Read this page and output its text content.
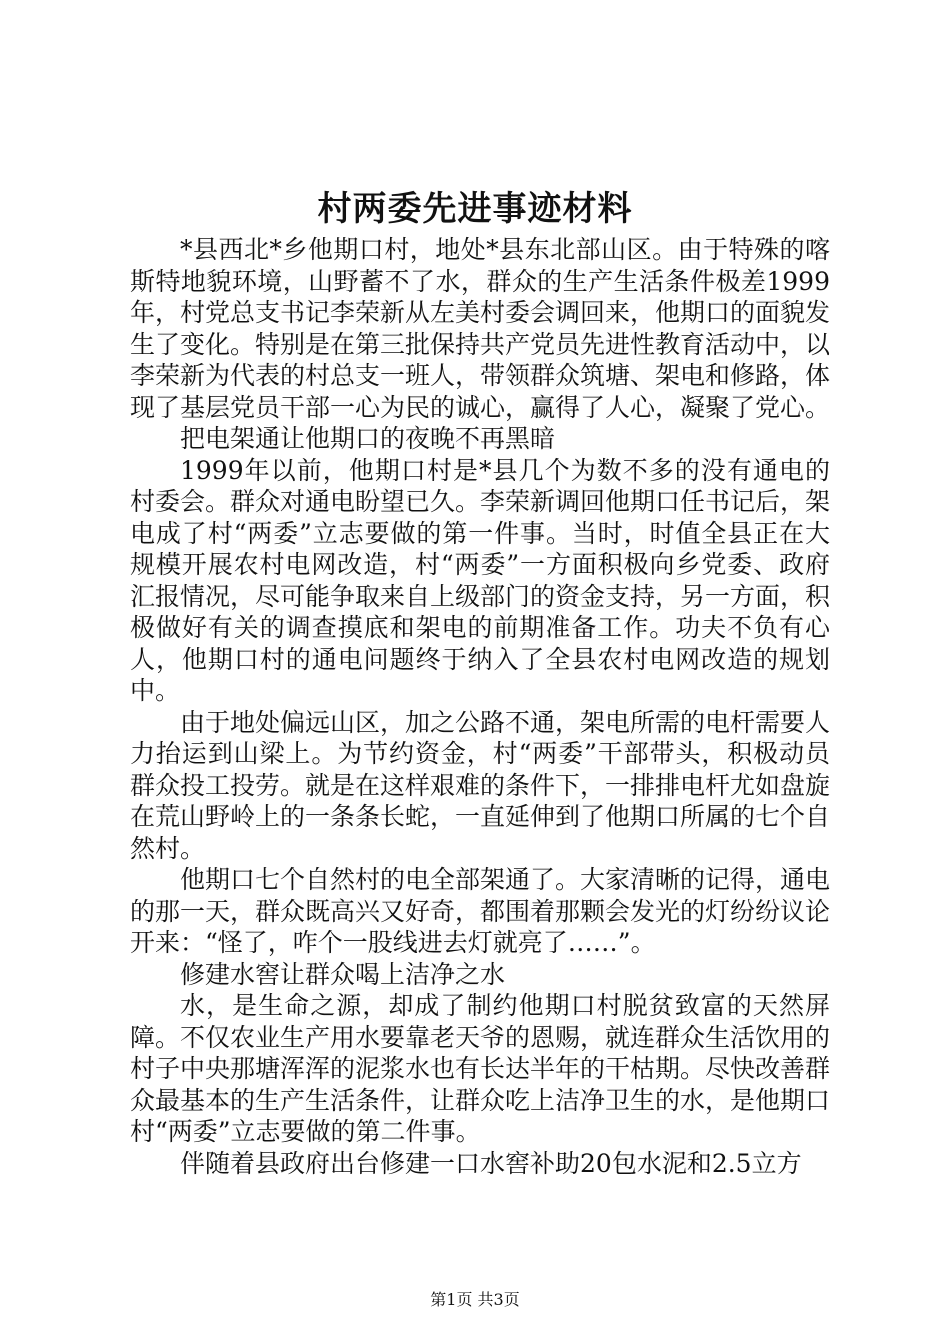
村两委先进事迹材料

*县西北*乡他期口村，地处*县东北部山区。由于特殊的喀斯特地貌环境，山野蓄不了水，群众的生产生活条件极差1999年，村党总支书记李荣新从左美村委会调回来，他期口的面貌发生了变化。特别是在第三批保持共产党员先进性教育活动中，以李荣新为代表的村总支一班人，带领群众筑塘、架电和修路，体现了基层党员干部一心为民的诚心，赢得了人心，凝聚了党心。

把电架通让他期口的夜晚不再黑暗

1999年以前，他期口村是*县几个为数不多的没有通电的村委会。群众对通电盼望已久。李荣新调回他期口任书记后，架电成了村“两委”立志要做的第一件事。当时，时值全县正在大规模开展农村电网改造，村“两委”一方面积极向乡党委、政府汇报情况，尽可能争取来自上级部门的资金支持，另一方面，积极做好有关的调查摸底和架电的前期准备工作。功夫不负有心人，他期口村的通电问题终于纳入了全县农村电网改造的规划中。

由于地处偏远山区，加之公路不通，架电所需的电杆需要人力抬运到山梁上。为节约资金，村“两委”干部带头，积极动员群众投工投劳。就是在这样艰难的条件下，一排排电杆尤如盘旋在荒山野岭上的一条条长蛇，一直延伸到了他期口所属的七个自然村。

他期口七个自然村的电全部架通了。大家清晰的记得，通电的那一天，群众既高兴又好奇，都围着那颗会发光的灯纷纷议论开来：“怪了，咋个一股线进去灯就亮了……”。

修建水窖让群众喝上洁净之水

水，是生命之源，却成了制约他期口村脱贫致富的天然屏障。不仅农业生产用水要靠老天爷的恩赐，就连群众生活饮用的村子中央那塘浑浑的泥浆水也有长达半年的干枯期。尽快改善群众最基本的生产生活条件，让群众吃上洁净卫生的水，是他期口村“两委”立志要做的第二件事。

伴随着县政府出台修建一口水窖补助20包水泥和2.5立方

第1页 共3页
